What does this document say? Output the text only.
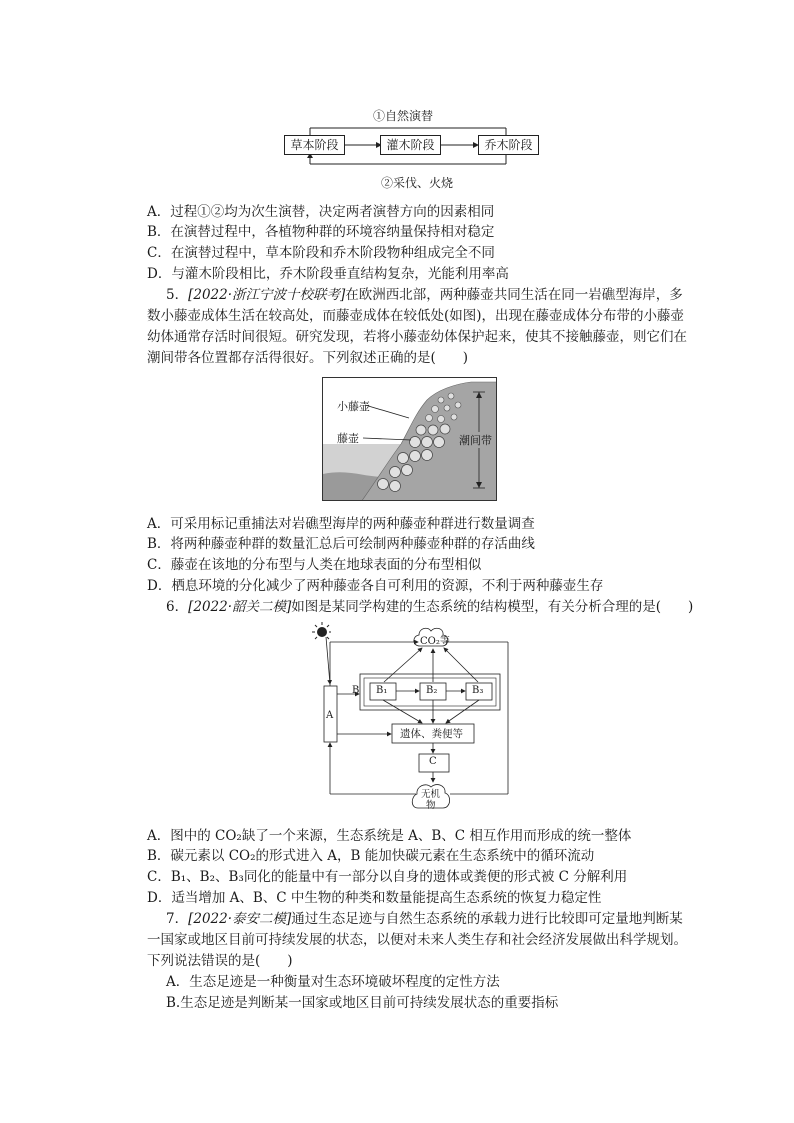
①自然演替
草本阶段	灌木阶段	乔木阶段
②采伐、火烧
A．过程①②均为次生演替，决定两者演替方向的因素相同
B．在演替过程中，各植物种群的环境容纳量保持相对稳定
C．在演替过程中，草本阶段和乔木阶段物种组成完全不同
D．与灌木阶段相比，乔木阶段垂直结构复杂，光能利用率高
5．[2022·浙江宁波十校联考]在欧洲西北部，两种藤壶共同生活在同一岩礁型海岸，多
数小藤壶成体生活在较高处，而藤壶成体在较低处(如图)，出现在藤壶成体分布带的小藤壶
幼体通常存活时间很短。研究发现，若将小藤壶幼体保护起来，使其不接触藤壶，则它们在
潮间带各位置都存活得很好。下列叙述正确的是(　　)
小藤壶
藤壶	潮间带
A．可采用标记重捕法对岩礁型海岸的两种藤壶种群进行数量调查
B．将两种藤壶种群的数量汇总后可绘制两种藤壶种群的存活曲线
C．藤壶在该地的分布型与人类在地球表面的分布型相似
D．栖息环境的分化减少了两种藤壶各自可利用的资源，不利于两种藤壶生存
6．[2022·韶关二模]如图是某同学构建的生态系统的结构模型，有关分析合理的是(　　)
CO₂等
A
B B₁	B₂	B₃
遗体、粪便等
C
无机
物
A．图中的 CO₂缺了一个来源，生态系统是 A、B、C 相互作用而形成的统一整体
B．碳元素以 CO₂的形式进入 A，B 能加快碳元素在生态系统中的循环流动
C．B₁、B₂、B₃同化的能量中有一部分以自身的遗体或粪便的形式被 C 分解利用
D．适当增加 A、B、C 中生物的种类和数量能提高生态系统的恢复力稳定性
7．[2022·泰安二模]通过生态足迹与自然生态系统的承载力进行比较即可定量地判断某
一国家或地区目前可持续发展的状态，以便对未来人类生存和社会经济发展做出科学规划。
下列说法错误的是(　　)
A．生态足迹是一种衡量对生态环境破坏程度的定性方法
B.生态足迹是判断某一国家或地区目前可持续发展状态的重要指标
